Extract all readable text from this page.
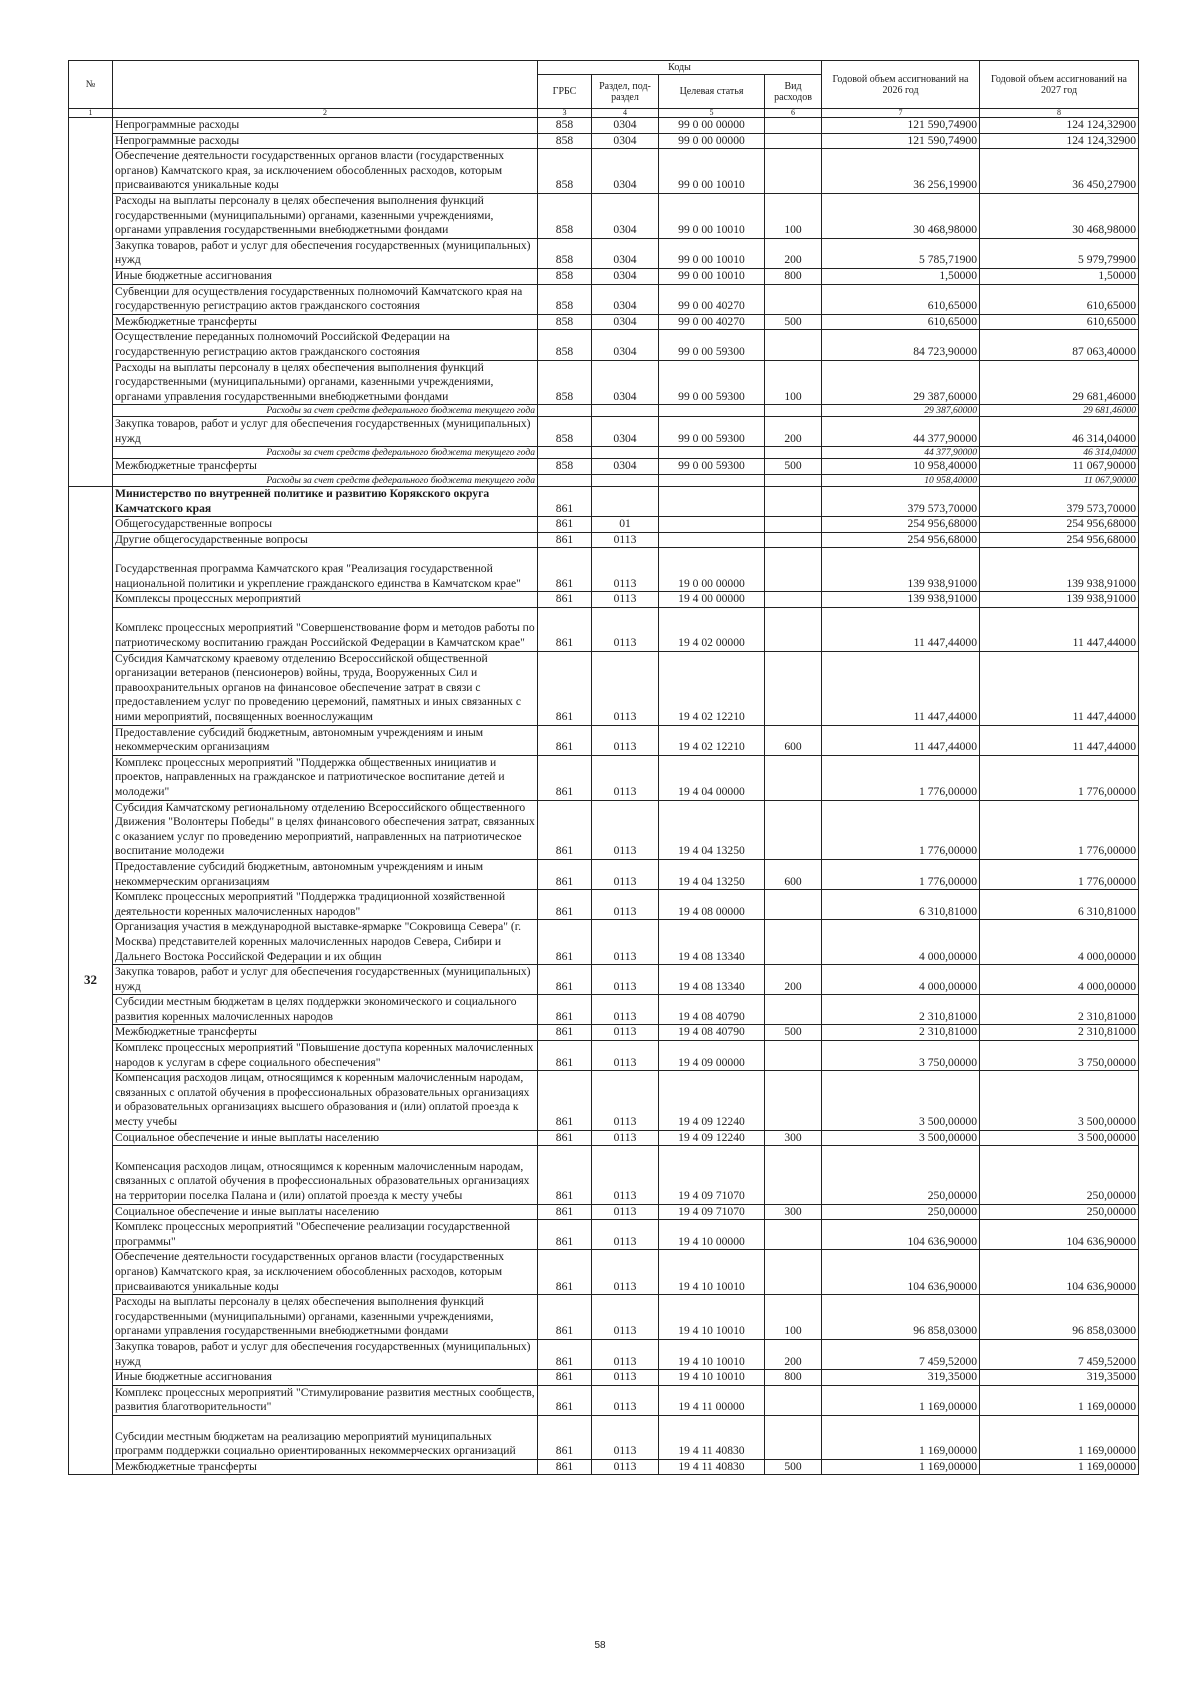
№		Коды				Годовой объем ассигнований на 2026 год	Годовой объем ассигнований на 2027 год
		ГРБС	Раздел, под-раздел	Целевая статья	Вид расходов		
1	2	3	4	5	6	7	8
	Непрограммные расходы	858	0304	99 0 00 00000		121 590,74900	124 124,32900
	Непрограммные расходы	858	0304	99 0 00 00000		121 590,74900	124 124,32900
	Обеспечение деятельности государственных органов власти (государственных органов) Камчатского края, за исключением обособленных расходов, которым присваиваются уникальные коды	858	0304	99 0 00 10010		36 256,19900	36 450,27900
	Расходы на выплаты персоналу в целях обеспечения выполнения функций государственными (муниципальными) органами, казенными учреждениями, органами управления государственными внебюджетными фондами	858	0304	99 0 00 10010	100	30 468,98000	30 468,98000
	Закупка товаров, работ и услуг для обеспечения государственных (муниципальных) нужд	858	0304	99 0 00 10010	200	5 785,71900	5 979,79900
	Иные бюджетные ассигнования	858	0304	99 0 00 10010	800	1,50000	1,50000
	Субвенции для осуществления государственных полномочий Камчатского края на государственную регистрацию актов гражданского состояния	858	0304	99 0 00 40270		610,65000	610,65000
	Межбюджетные трансферты	858	0304	99 0 00 40270	500	610,65000	610,65000
	Осуществление переданных полномочий Российской Федерации на государственную регистрацию актов гражданского состояния	858	0304	99 0 00 59300		84 723,90000	87 063,40000
	Расходы на выплаты персоналу в целях обеспечения выполнения функций государственными (муниципальными) органами, казенными учреждениями, органами управления государственными внебюджетными фондами	858	0304	99 0 00 59300	100	29 387,60000	29 681,46000
	Расходы за счет средств федерального бюджета текущего года					29 387,60000	29 681,46000
	Закупка товаров, работ и услуг для обеспечения государственных (муниципальных) нужд	858	0304	99 0 00 59300	200	44 377,90000	46 314,04000
	Расходы за счет средств федерального бюджета текущего года					44 377,90000	46 314,04000
	Межбюджетные трансферты	858	0304	99 0 00 59300	500	10 958,40000	11 067,90000
	Расходы за счет средств федерального бюджета текущего года					10 958,40000	11 067,90000
32	Министерство по внутренней политике и развитию Корякского округа Камчатского края	861				379 573,70000	379 573,70000
	Общегосударственные вопросы	861	01			254 956,68000	254 956,68000
	Другие общегосударственные вопросы	861	0113			254 956,68000	254 956,68000
	Государственная программа Камчатского края "Реализация государственной национальной политики и укрепление гражданского единства в Камчатском крае"	861	0113	19 0 00 00000		139 938,91000	139 938,91000
	Комплексы процессных мероприятий	861	0113	19 4 00 00000		139 938,91000	139 938,91000
	Комплекс процессных мероприятий "Совершенствование форм и методов работы по патриотическому воспитанию граждан Российской Федерации в Камчатском крае"	861	0113	19 4 02 00000		11 447,44000	11 447,44000
	Субсидия Камчатскому краевому отделению Всероссийской общественной организации ветеранов (пенсионеров) войны, труда, Вооруженных Сил и правоохранительных органов на финансовое обеспечение затрат в связи с предоставлением услуг по проведению церемоний, памятных и иных связанных с ними мероприятий, посвященных военнослужащим	861	0113	19 4 02 12210		11 447,44000	11 447,44000
	Предоставление субсидий бюджетным, автономным учреждениям и иным некоммерческим организациям	861	0113	19 4 02 12210	600	11 447,44000	11 447,44000
	Комплекс процессных мероприятий "Поддержка общественных инициатив и проектов, направленных на гражданское и патриотическое воспитание детей и молодежи"	861	0113	19 4 04 00000		1 776,00000	1 776,00000
	Субсидия Камчатскому региональному отделению Всероссийского общественного Движения "Волонтеры Победы" в целях финансового обеспечения затрат, связанных с оказанием услуг по проведению мероприятий, направленных на патриотическое воспитание молодежи	861	0113	19 4 04 13250		1 776,00000	1 776,00000
	Предоставление субсидий бюджетным, автономным учреждениям и иным некоммерческим организациям	861	0113	19 4 04 13250	600	1 776,00000	1 776,00000
	Комплекс процессных мероприятий "Поддержка традиционной хозяйственной деятельности коренных малочисленных народов"	861	0113	19 4 08 00000		6 310,81000	6 310,81000
	Организация участия в международной выставке-ярмарке "Сокровища Севера" (г. Москва) представителей коренных малочисленных народов Севера, Сибири и Дальнего Востока Российской Федерации и их общин	861	0113	19 4 08 13340		4 000,00000	4 000,00000
	Закупка товаров, работ и услуг для обеспечения государственных (муниципальных) нужд	861	0113	19 4 08 13340	200	4 000,00000	4 000,00000
	Субсидии местным бюджетам в целях поддержки экономического и социального развития коренных малочисленных народов	861	0113	19 4 08 40790		2 310,81000	2 310,81000
	Межбюджетные трансферты	861	0113	19 4 08 40790	500	2 310,81000	2 310,81000
	Комплекс процессных мероприятий "Повышение доступа коренных малочисленных народов к услугам в сфере социального обеспечения"	861	0113	19 4 09 00000		3 750,00000	3 750,00000
	Компенсация расходов лицам, относящимся к коренным малочисленным народам, связанных с оплатой обучения в профессиональных образовательных организациях и образовательных организациях высшего образования и (или) оплатой проезда к месту учебы	861	0113	19 4 09 12240		3 500,00000	3 500,00000
	Социальное обеспечение и иные выплаты населению	861	0113	19 4 09 12240	300	3 500,00000	3 500,00000
	Компенсация расходов лицам, относящимся к коренным малочисленным народам, связанных с оплатой обучения в профессиональных образовательных организациях на территории поселка Палана и (или) оплатой проезда к месту учебы	861	0113	19 4 09 71070		250,00000	250,00000
	Социальное обеспечение и иные выплаты населению	861	0113	19 4 09 71070	300	250,00000	250,00000
	Комплекс процессных мероприятий "Обеспечение реализации государственной программы"	861	0113	19 4 10 00000		104 636,90000	104 636,90000
	Обеспечение деятельности государственных органов власти (государственных органов) Камчатского края, за исключением обособленных расходов, которым присваиваются уникальные коды	861	0113	19 4 10 10010		104 636,90000	104 636,90000
	Расходы на выплаты персоналу в целях обеспечения выполнения функций государственными (муниципальными) органами, казенными учреждениями, органами управления государственными внебюджетными фондами	861	0113	19 4 10 10010	100	96 858,03000	96 858,03000
	Закупка товаров, работ и услуг для обеспечения государственных (муниципальных) нужд	861	0113	19 4 10 10010	200	7 459,52000	7 459,52000
	Иные бюджетные ассигнования	861	0113	19 4 10 10010	800	319,35000	319,35000
	Комплекс процессных мероприятий "Стимулирование развития местных сообществ, развития благотворительности"	861	0113	19 4 11 00000		1 169,00000	1 169,00000
	Субсидии местным бюджетам на реализацию мероприятий муниципальных программ поддержки социально ориентированных некоммерческих организаций	861	0113	19 4 11 40830		1 169,00000	1 169,00000
	Межбюджетные трансферты	861	0113	19 4 11 40830	500	1 169,00000	1 169,00000
58
